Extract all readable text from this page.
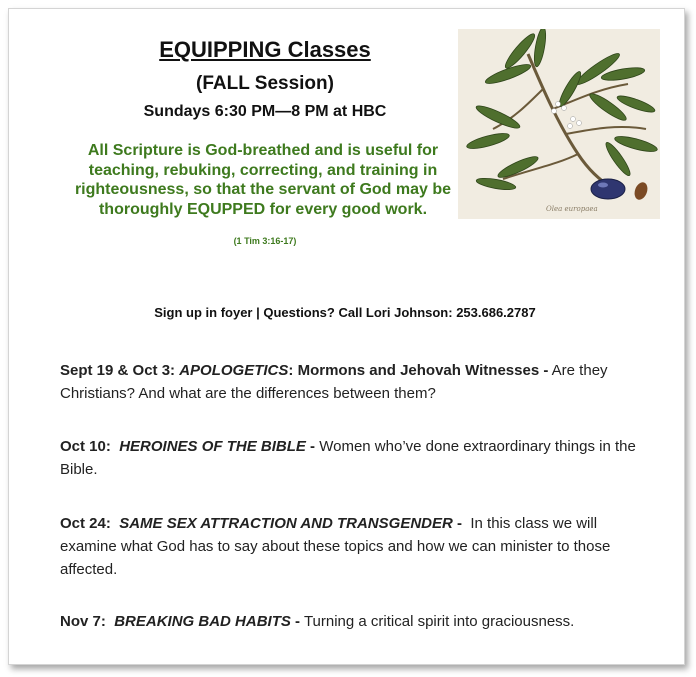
EQUIPPING Classes
(FALL Session)
Sundays 6:30 PM—8 PM at HBC
All Scripture is God-breathed and is useful for teaching, rebuking, correcting, and training in righteousness, so that the servant of God may be thoroughly EQUPPED for every good work.
(1 Tim 3:16-17)
Olea europaea
Sign up in foyer | Questions? Call Lori Johnson: 253.686.2787
Sept 19 & Oct 3: APOLOGETICS: Mormons and Jehovah Witnesses - Are they Christians? And what are the differences between them?
Oct 10: HEROINES OF THE BIBLE - Women who’ve done extraordinary things in the Bible.
Oct 24: SAME SEX ATTRACTION AND TRANSGENDER - In this class we will examine what God has to say about these topics and how we can minister to those affected.
Nov 7: BREAKING BAD HABITS - Turning a critical spirit into graciousness.
